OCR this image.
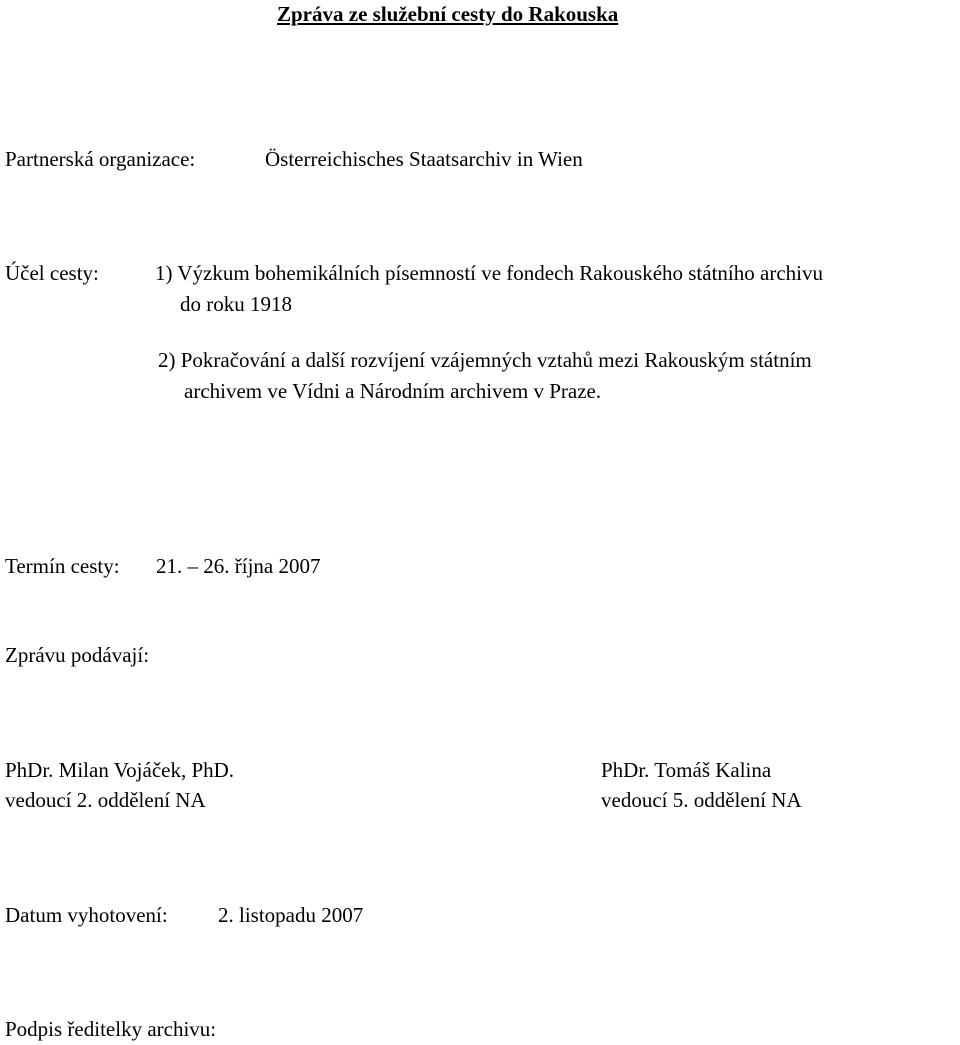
Zpráva ze služební cesty do Rakouska
Partnerská organizace:	Österreichisches Staatsarchiv in Wien
Účel cesty:	1) Výzkum bohemikálních písemností ve fondech Rakouského státního archivu
do roku 1918
2) Pokračování a další rozvíjení vzájemných vztahů mezi Rakouským státním
archivem ve Vídni a Národním archivem v Praze.
Termín cesty: 21. – 26. října 2007
Zprávu podávají:
PhDr. Milan Vojáček, PhD.
vedoucí 2. oddělení NA
PhDr. Tomáš Kalina
vedoucí 5. oddělení NA
Datum vyhotovení: 2. listopadu 2007
Podpis ředitelky archivu:
